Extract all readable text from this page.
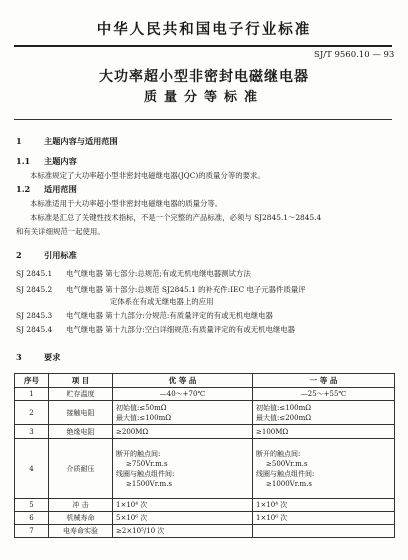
中华人民共和国电子行业标准
SJ/T 9560.10 — 93
大功率超小型非密封电磁继电器
质量分等标准
1	主题内容与适用范围
1.1 主题内容
本标准规定了大功率超小型非密封电磁继电器(JQC)的质量分等的要求。
1.2 适用范围
本标准适用于大功率超小型非密封电磁继电器的质量分等。
本标准是汇总了关键性技术指标，不是一个完整的产品标准，必须与 SJ2845.1～2845.4
和有关详细规范一起使用。
2	引用标准
SJ 2845.1 电气继电器 第七部分:总规范;有或无机电继电器测试方法
SJ 2845.2 电气继电器 第十部分:总规范 SJ2845.1 的补充件:IEC 电子元器件质量评
定体系在有或无继电器上的应用
SJ 2845.3 电气继电器 第十九部分:分规范:有质量评定的有或无机电继电器
SJ 2845.4 电气继电器 第十九部分:空白详细规范:有质量评定的有或无机电继电器
3	要求
序号	项 目	优 等 品	一 等 品
1	贮存温度	—40～+70℃	—25～+55℃
2	接触电阻	初始值:≤50mΩ
最大值:≤100mΩ	初始值:≤100mΩ
最大值:≤200mΩ

3	绝缘电阻	≥200MΩ	≥100MΩ
4	介质耐压	断开的触点间:
≥750Vr.m.s
线圈与触点组件间:
≥1500Vr.m.s	断开的触点间:
≥500Vr.m.s
线圈与触点组件间:
≥1000Vr.m.s

5	冲 击	1×10⁴ 次	1×10⁴ 次
6	机械寿命	5×10⁶ 次	1×10⁶ 次
7	电寿命实验	≥2×10⁵/10 次	
